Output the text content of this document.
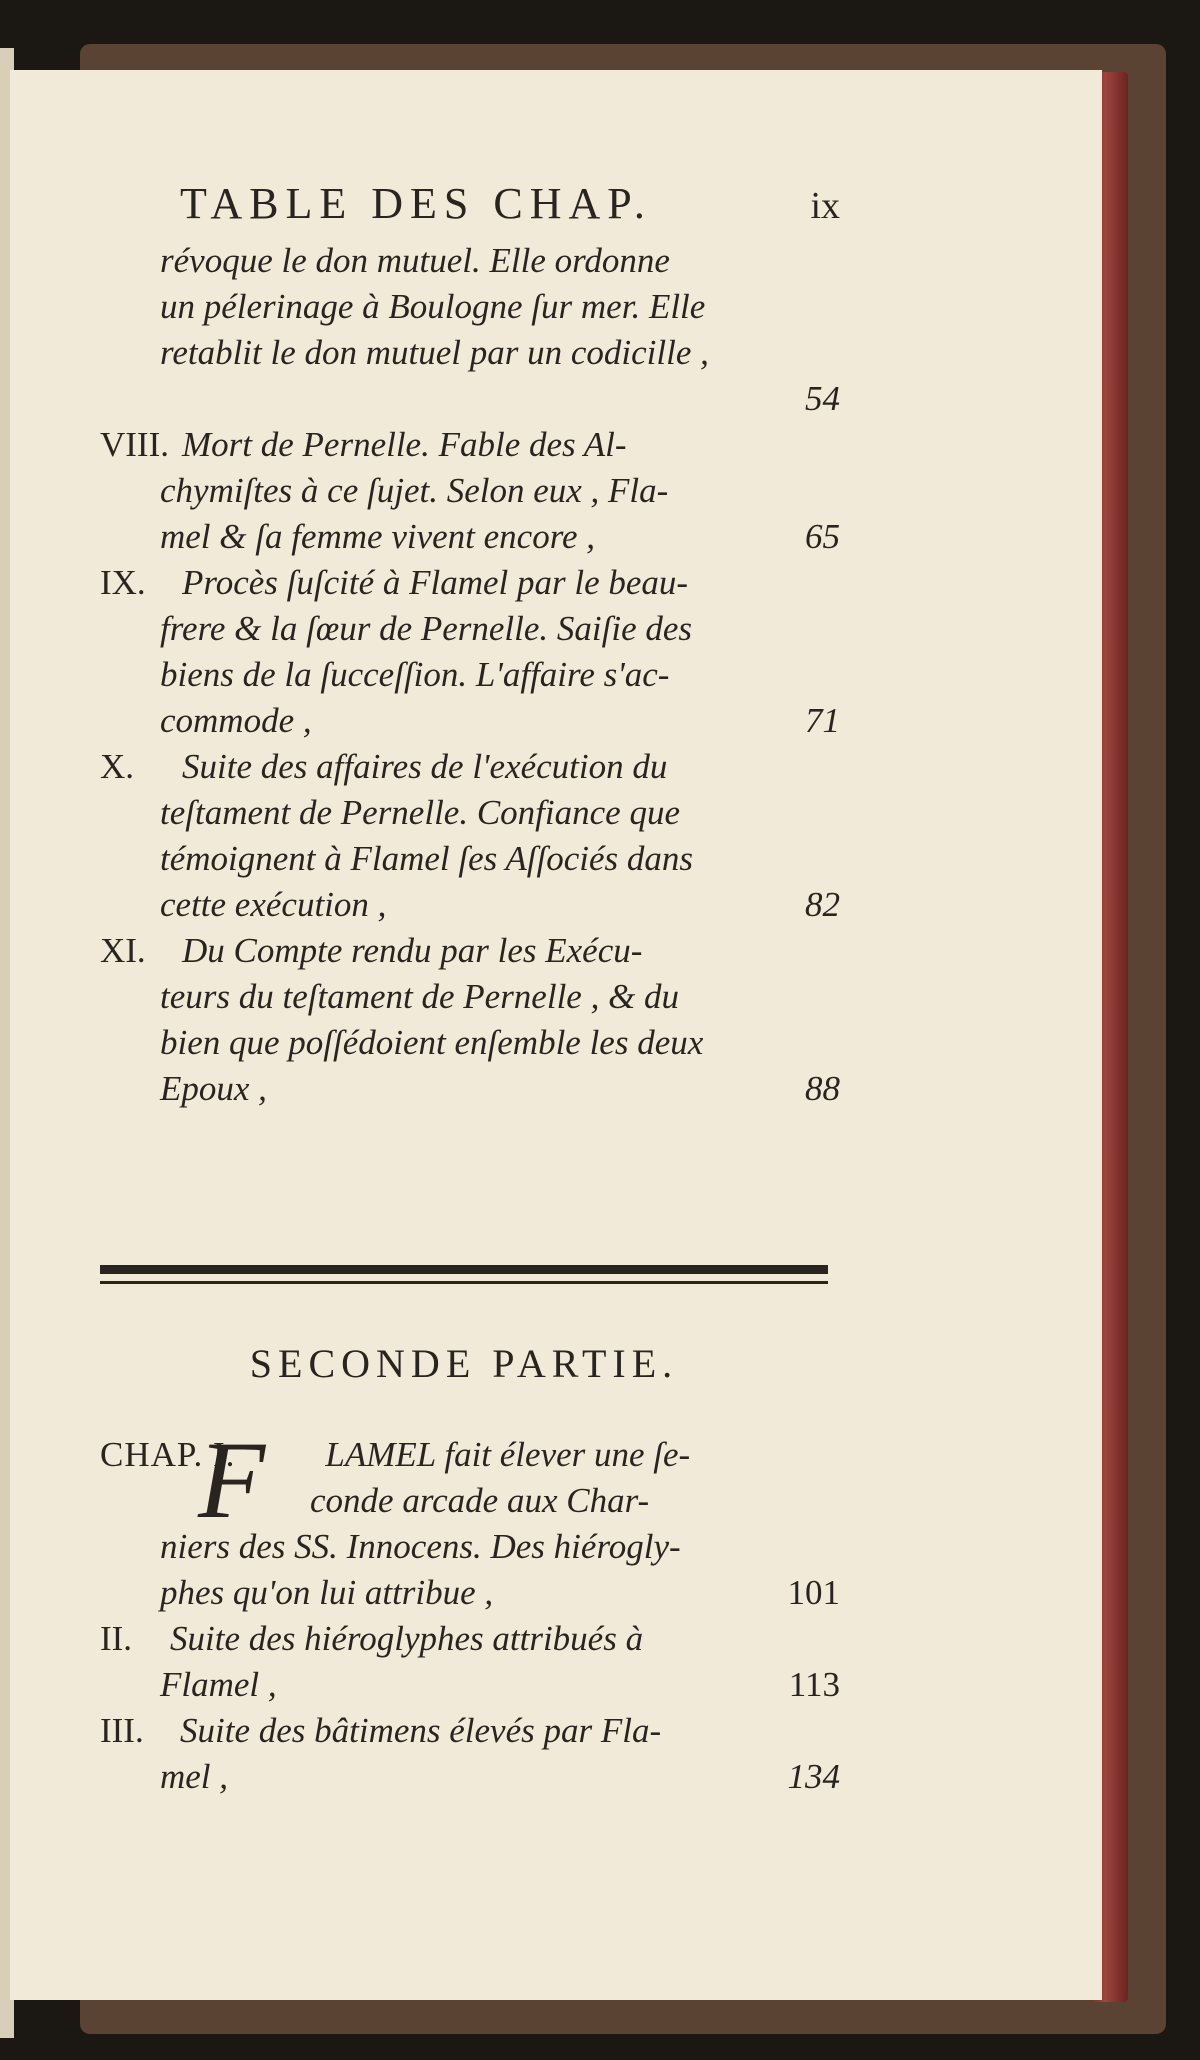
TABLE DES CHAP.	ix
révoque le don mutuel. Elle ordonne
un pélerinage à Boulogne ſur mer. Elle
retablit le don mutuel par un codicille ,
54
VIII. Mort de Pernelle. Fable des Al-
chymiſtes à ce ſujet. Selon eux , Fla-
mel & ſa femme vivent encore ,	65
IX. Procès ſuſcité à Flamel par le beau-
frere & la ſœur de Pernelle. Saiſie des
biens de la ſucceſſion. L'affaire s'ac-
commode ,	71
X. Suite des affaires de l'exécution du
teſtament de Pernelle. Confiance que
témoignent à Flamel ſes Aſſociés dans
cette exécution ,	82
XI. Du Compte rendu par les Exécu-
teurs du teſtament de Pernelle , & du
bien que poſſédoient enſemble les deux
Epoux ,	88
SECONDE PARTIE.
F
CHAP. I.	LAMEL fait élever une ſe-
conde arcade aux Char-
niers des SS. Innocens. Des hiérogly-
phes qu'on lui attribue ,	101
II. Suite des hiéroglyphes attribués à
Flamel ,	113
III. Suite des bâtimens élevés par Fla-
mel ,	134
